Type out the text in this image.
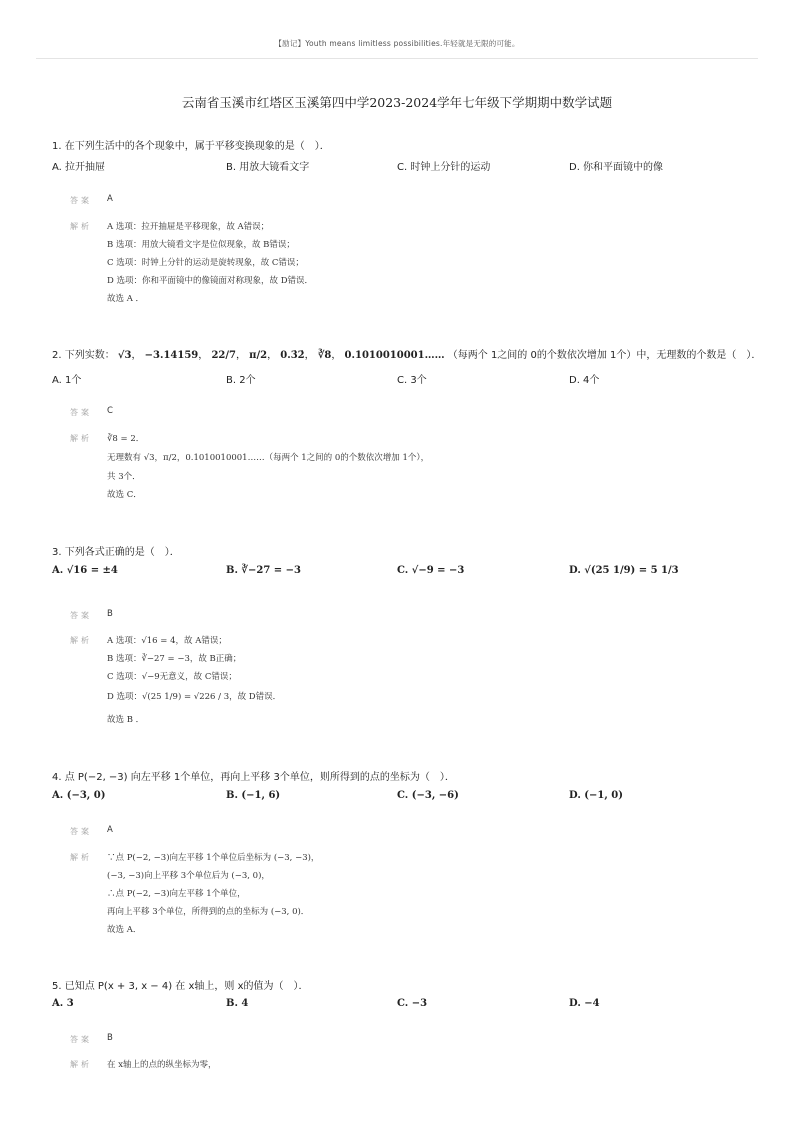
【励记】Youth means limitless possibilities.年轻就是无限的可能。
云南省玉溪市红塔区玉溪第四中学2023-2024学年七年级下学期期中数学试题
1. 在下列生活中的各个现象中，属于平移变换现象的是（　）．
A. 拉开抽屉	B. 用放大镜看文字	C. 时钟上分针的运动	D. 你和平面镜中的像
答案 A
解析 A 选项：拉开抽屉是平移现象，故 A错误；
B 选项：用放大镜看文字是位似现象，故 B错误；
C 选项：时钟上分针的运动是旋转现象，故 C错误；
D 选项：你和平面镜中的像镜面对称现象，故 D错误．
故选 A ．
2. 下列实数： √3， −3.14159， 22/7， π/2， 0.3̇2̇， ∛8， 0.1010010001…… （每两个 1之间的 0的个数依次增加 1个）中，无理数的个数是（　）．
A. 1个	B. 2个	C. 3个	D. 4个
答案 C
解析 ∛8 = 2．
无理数有 √3，π/2，0.1010010001……（每两个 1之间的 0的个数依次增加 1个），
共 3个．
故选 C．
3. 下列各式正确的是（　）．
A. √16 = ±4	B. ∛−27 = −3	C. √−9 = −3	D. √(25 1/9) = 5 1/3
答案 B
解析 A 选项：√16 = 4，故 A错误；
B 选项：∛−27 = −3，故 B正确；
C 选项：√−9无意义，故 C错误；
D 选项：√(25 1/9) = √226 / 3，故 D错误．
故选 B ．
4. 点 P(−2, −3) 向左平移 1个单位，再向上平移 3个单位，则所得到的点的坐标为（　）．
A. (−3, 0)	B. (−1, 6)	C. (−3, −6)	D. (−1, 0)
答案 A
解析 ∵点 P(−2, −3)向左平移 1个单位后坐标为 (−3, −3)，
(−3, −3)向上平移 3个单位后为 (−3, 0)，
∴点 P(−2, −3)向左平移 1个单位，
再向上平移 3个单位，所得到的点的坐标为 (−3, 0)．
故选 A．
5. 已知点 P(x + 3, x − 4) 在 x轴上，则 x的值为（　）．
A. 3	B. 4	C. −3	D. −4
答案 B
解析 在 x轴上的点的纵坐标为零，
